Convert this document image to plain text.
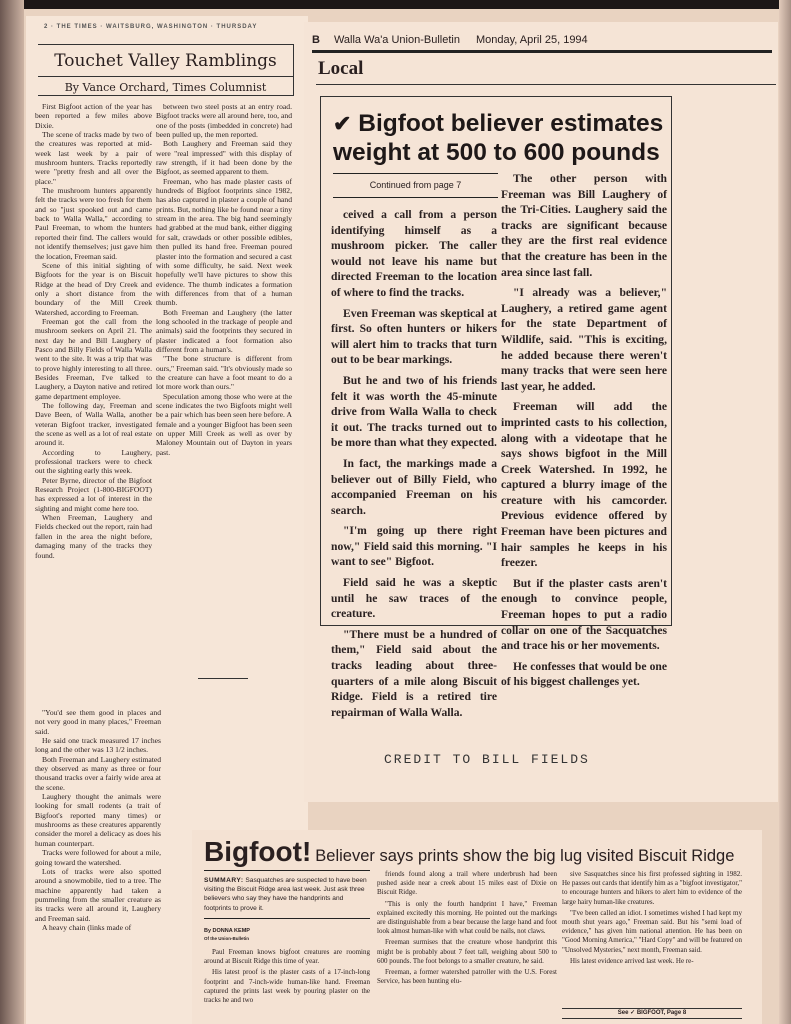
2 · THE TIMES · WAITSBURG, WASHINGTON · THURSDAY
Touchet Valley Ramblings
By Vance Orchard, Times Columnist

First Bigfoot action of the year has been reported a few miles above Dixie.

The scene of tracks made by two of the creatures was reported at mid-week last week by a pair of mushroom hunters. Tracks reportedly were "pretty fresh and all over the place."

The mushroom hunters apparently felt the tracks were too fresh for them and so "just spooked out and came back to Walla Walla," according to Paul Freeman, to whom the hunters reported their find. The callers would not identify themselves; just gave him the location, Freeman said.

Scene of this initial sighting of Bigfoots for the year is on Biscuit Ridge at the head of Dry Creek and only a short distance from the boundary of the Mill Creek Watershed, according to Freeman.

Freeman got the call from the mushroom seekers on April 21. The next day he and Bill Laughery of Pasco and Billy Fields of Walla Walla went to the site. It was a trip that was to prove highly interesting to all three. Besides Freeman, I've talked to Laughery, a Dayton native and retired game department employee.

The following day, Freeman and Dave Been, of Walla Walla, another veteran Bigfoot tracker, investigated the scene as well as a lot of real estate around it.

According to Laughery, professional trackers were to check out the sighting early this week.

Peter Byrne, director of the Bigfoot Research Project (1-800-BIGFOOT) has expressed a lot of interest in the sighting and might come here too.

When Freeman, Laughery and Fields checked out the report, rain had fallen in the area the night before, damaging many of the tracks they found.

between two steel posts at an entry road. Bigfoot tracks were all around here, too, and one of the posts (imbedded in concrete) had been pulled up, the men reported.

Both Laughery and Freeman said they were "real impressed" with this display of raw strength, if it had been done by the Bigfoot, as seemed apparent to them.

Freeman, who has made plaster casts of hundreds of Bigfoot footprints since 1982, has also captured in plaster a couple of hand prints. But, nothing like he found near a tiny stream in the area. The big hand seemingly had grabbed at the mud bank, either digging for salt, crawdads or other possible edibles, then pulled its hand free. Freeman poured plaster into the formation and secured a cast with some difficulty, he said. Next week hopefully we'll have pictures to show this evidence. The thumb indicates a formation with differences from that of a human thumb.

Both Freeman and Laughery (the latter long schooled in the trackage of people and animals) said the footprints they secured in plaster indicated a foot formation also different from a human's.

"The bone structure is different from ours," Freeman said. "It's obviously made so the creature can have a foot meant to do a lot more work than ours."

Speculation among those who were at the scene indicates the two Bigfoots might well be a pair which has been seen here before. A female and a younger Bigfoot has been seen on upper Mill Creek as well as over by Maloney Mountain out of Dayton in years past.

"You'd see them good in places and not very good in many places," Freeman said.

He said one track measured 17 inches long and the other was 13 1/2 inches.

Both Freeman and Laughery estimated they observed as many as three or four thousand tracks over a fairly wide area at the scene.

Laughery thought the animals were looking for small rodents (a trait of Bigfoot's reported many times) or mushrooms as these creatures apparently consider the morel a delicacy as does his human counterpart.

Tracks were followed for about a mile, going toward the watershed.

Lots of tracks were also spotted around a snowmobile, tied to a tree. The machine apparently had taken a pummeling from the smaller creature as its tracks were all around it, Laughery and Freeman said.

A heavy chain (links made of

B Walla Wa'a Union-Bulletin Monday, April 25, 1994
Local
✔ Bigfoot believer estimates weight at 500 to 600 pounds
Continued from page 7

ceived a call from a person identifying himself as a mushroom picker. The caller would not leave his name but directed Freeman to the location of where to find the tracks.

Even Freeman was skeptical at first. So often hunters or hikers will alert him to tracks that turn out to be bear markings.

But he and two of his friends felt it was worth the 45-minute drive from Walla Walla to check it out. The tracks turned out to be more than what they expected.

In fact, the markings made a believer out of Billy Field, who accompanied Freeman on his search.

"I'm going up there right now," Field said this morning. "I want to see" Bigfoot.

Field said he was a skeptic until he saw traces of the creature.

"There must be a hundred of them," Field said about the tracks leading about three-quarters of a mile along Biscuit Ridge. Field is a retired tire repairman of Walla Walla.

The other person with Freeman was Bill Laughery of the Tri-Cities. Laughery said the tracks are significant because they are the first real evidence that the creature has been in the area since last fall.

"I already was a believer," Laughery, a retired game agent for the state Department of Wildlife, said. "This is exciting, he added because there weren't many tracks that were seen here last year, he added.

Freeman will add the imprinted casts to his collection, along with a videotape that he says shows bigfoot in the Mill Creek Watershed. In 1992, he captured a blurry image of the creature with his camcorder. Previous evidence offered by Freeman have been pictures and hair samples he keeps in his freezer.

But if the plaster casts aren't enough to convince people, Freeman hopes to put a radio collar on one of the Sacquatches and trace his or her movements.

He confesses that would be one of his biggest challenges yet.

CREDIT TO BILL FIELDS
Bigfoot! Believer says prints show the big lug visited Biscuit Ridge
SUMMARY: Sasquatches are suspected to have been visiting the Biscuit Ridge area last week. Just ask three believers who say they have the handprints and footprints to prove it.
By DONNA KEMP
Of the Union-Bulletin

Paul Freeman knows bigfoot creatures are rooming around at Biscuit Ridge this time of year.

His latest proof is the plaster casts of a 17-inch-long footprint and 7-inch-wide human-like hand. Freeman captured the prints last week by pouring plaster on the tracks he and two

friends found along a trail where underbrush had been pushed aside near a creek about 15 miles east of Dixie on Biscuit Ridge.

"This is only the fourth handprint I have," Freeman explained excitedly this morning. He pointed out the markings are distinguishable from a bear because the large hand and foot look almost human-like with what could be nails, not claws.

Freeman surmises that the creature whose handprint this might be is probably about 7 feet tall, weighing about 500 to 600 pounds. The foot belongs to a smaller creature, he said.

Freeman, a former watershed patroller with the U.S. Forest Service, has been hunting elu-

sive Sasquatches since his first professed sighting in 1982. He passes out cards that identify him as a "bigfoot investigator," to encourage hunters and hikers to alert him to evidence of the large hairy human-like creatures.

"I've been called an idiot. I sometimes wished I had kept my mouth shut years ago," Freeman said. But his "semi load of evidence," has given him national attention. He has been on "Good Morning America," "Hard Copy" and will be featured on "Unsolved Mysteries," next month, Freeman said.

His latest evidence arrived last week. He re-

See ✓ BIGFOOT, Page 8
